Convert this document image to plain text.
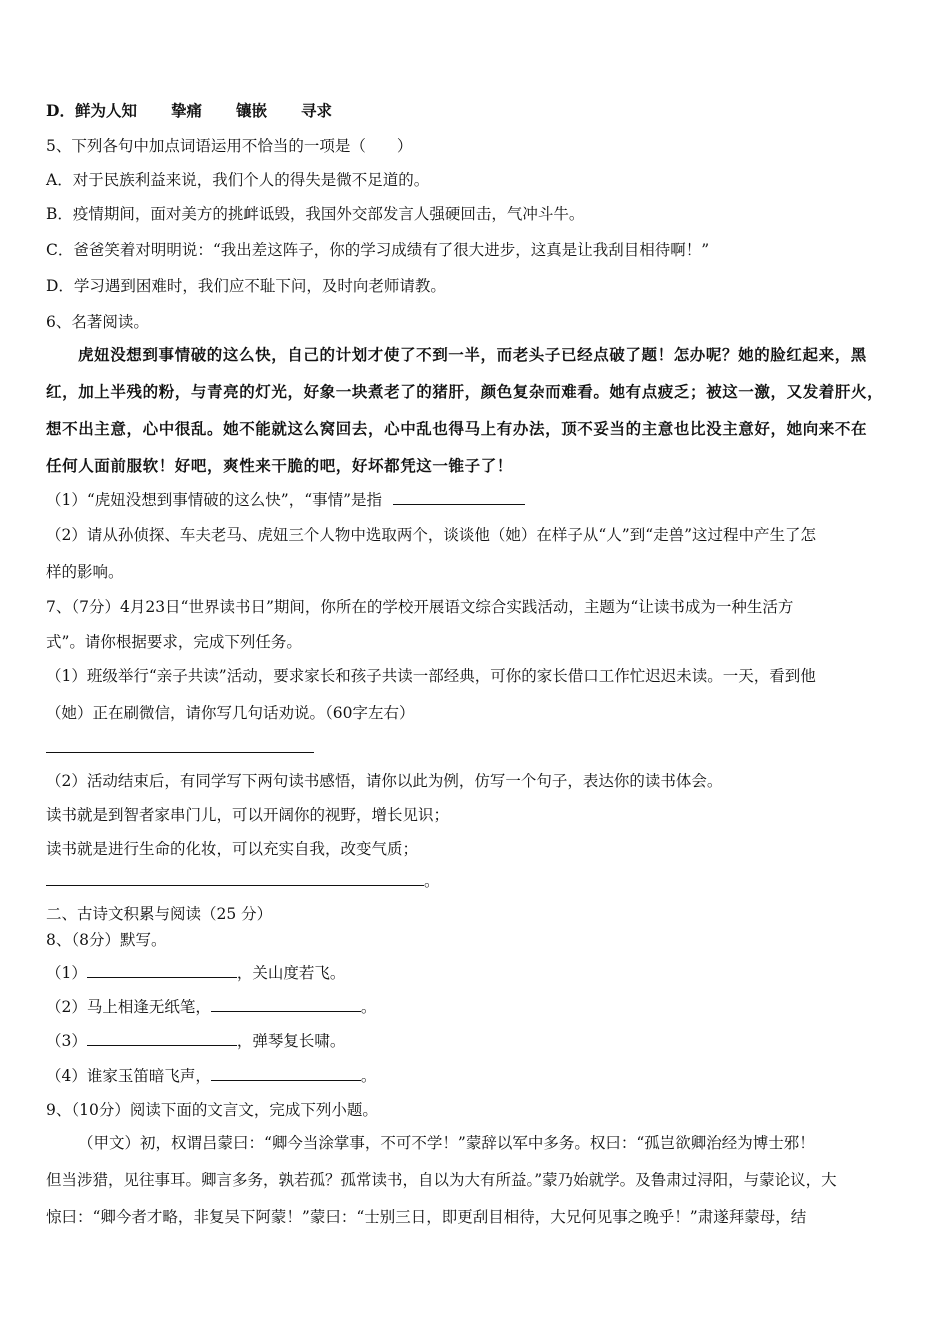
D．鲜为人知 挚痛 镶嵌 寻求
5、下列各句中加点词语运用不恰当的一项是（　　）
A．对于民族利益来说，我们个人的得失是微不足道的。
B．疫情期间，面对美方的挑衅诋毁，我国外交部发言人强硬回击，气冲斗牛。
C．爸爸笑着对明明说：“我出差这阵子，你的学习成绩有了很大进步，这真是让我刮目相待啊！”
D．学习遇到困难时，我们应不耻下问，及时向老师请教。
6、名著阅读。
虎妞没想到事情破的这么快，自己的计划才使了不到一半，而老头子已经点破了题！怎办呢？她的脸红起来，黑
红，加上半残的粉，与青亮的灯光，好象一块煮老了的猪肝，颜色复杂而难看。她有点疲乏；被这一激，又发着肝火，
想不出主意，心中很乱。她不能就这么窝回去，心中乱也得马上有办法，顶不妥当的主意也比没主意好，她向来不在
任何人面前服软！好吧，爽性来干脆的吧，好坏都凭这一锥子了！
（1）“虎妞没想到事情破的这么快”，“事情”是指
（2）请从孙侦探、车夫老马、虎妞三个人物中选取两个，谈谈他（她）在样子从“人”到“走兽”这过程中产生了怎
样的影响。
7、（7分）4月23日“世界读书日”期间，你所在的学校开展语文综合实践活动，主题为“让读书成为一种生活方
式”。请你根据要求，完成下列任务。
（1）班级举行“亲子共读”活动，要求家长和孩子共读一部经典，可你的家长借口工作忙迟迟未读。一天，看到他
（她）正在刷微信，请你写几句话劝说。（60字左右）
（2）活动结束后，有同学写下两句读书感悟，请你以此为例，仿写一个句子，表达你的读书体会。
读书就是到智者家串门儿，可以开阔你的视野，增长见识；
读书就是进行生命的化妆，可以充实自我，改变气质；
。
二、古诗文积累与阅读（25 分）
8、（8分）默写。
（1）	，关山度若飞。
（2）马上相逢无纸笔，	。
（3）	，弹琴复长啸。
（4）谁家玉笛暗飞声，	。
9、（10分）阅读下面的文言文，完成下列小题。
（甲文）初，权谓吕蒙曰：“卿今当涂掌事，不可不学！”蒙辞以军中多务。权曰：“孤岂欲卿治经为博士邪！
但当涉猎，见往事耳。卿言多务，孰若孤？孤常读书，自以为大有所益。”蒙乃始就学。及鲁肃过浔阳，与蒙论议，大
惊曰：“卿今者才略，非复吴下阿蒙！”蒙曰：“士别三日，即更刮目相待，大兄何见事之晚乎！”肃遂拜蒙母，结
